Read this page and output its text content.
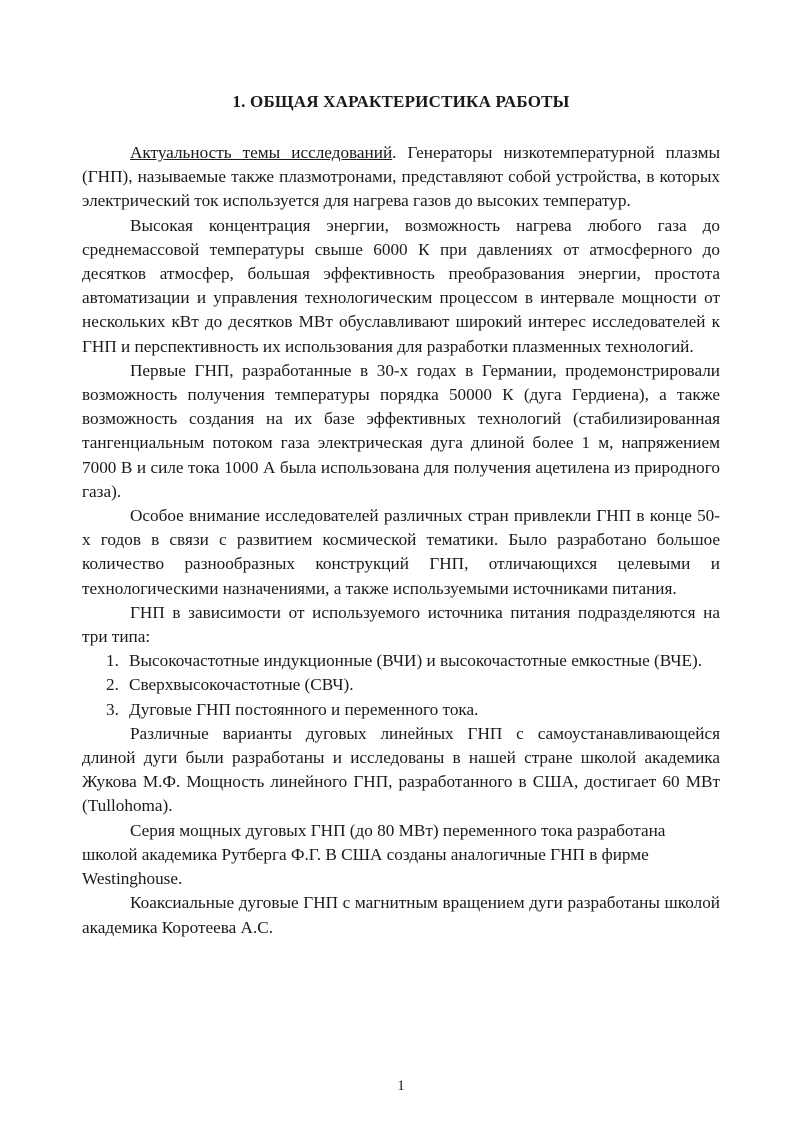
1. ОБЩАЯ ХАРАКТЕРИСТИКА РАБОТЫ

Актуальность темы исследований. Генераторы низкотемпературной плазмы (ГНП), называемые также плазмотронами, представляют собой устройства, в которых электрический ток используется для нагрева газов до высоких температур.

Высокая концентрация энергии, возможность нагрева любого газа до среднемассовой температуры свыше 6000 К при давлениях от атмосферного до десятков атмосфер, большая эффективность преобразования энергии, простота автоматизации и управления технологическим процессом в интервале мощности от нескольких кВт до десятков МВт обуславливают широкий интерес исследователей к ГНП и перспективность их использования для разработки плазменных технологий.

Первые ГНП, разработанные в 30-х годах в Германии, продемонстрировали возможность получения температуры порядка 50000 К (дуга Гердиена), а также возможность создания на их базе эффективных технологий (стабилизированная тангенциальным потоком газа электрическая дуга длиной более 1 м, напряжением 7000 В и силе тока 1000 А была использована для получения ацетилена из природного газа).

Особое внимание исследователей различных стран привлекли ГНП в конце 50-х годов в связи с развитием космической тематики. Было разработано большое количество разнообразных конструкций ГНП, отличающихся целевыми и технологическими назначениями, а также используемыми источниками питания.

ГНП в зависимости от используемого источника питания подразделяются на три типа:

1. Высокочастотные индукционные (ВЧИ) и высокочастотные емкостные (ВЧЕ).
2. Сверхвысокочастотные (СВЧ).
3. Дуговые ГНП постоянного и переменного тока.

Различные варианты дуговых линейных ГНП с самоустанавливающейся длиной дуги были разработаны и исследованы в нашей стране школой академика Жукова М.Ф. Мощность линейного ГНП, разработанного в США, достигает 60 МВт (Tullohoma).

Серия мощных дуговых ГНП (до 80 МВт) переменного тока разработана школой академика Рутберга Ф.Г. В США созданы аналогичные ГНП в фирме Westinghouse.

Коаксиальные дуговые ГНП с магнитным вращением дуги разработаны школой академика Коротеева А.С.

1
